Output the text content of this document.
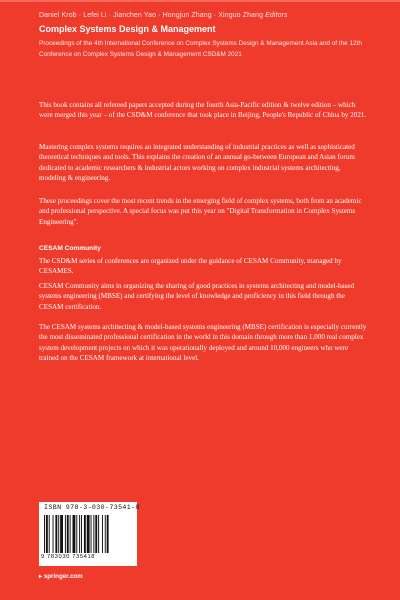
Daniel Krob · Lefei Li · Jianchen Yao · Hongjun Zhang · Xinguo Zhang Editors
Complex Systems Design & Management
Proceedings of the 4th International Conference on Complex Systems Design & Management Asia and of the 12th Conference on Complex Systems Design & Management CSD&M 2021
This book contains all refereed papers accepted during the fourth Asia-Pacific edition & twelve edition – which were merged this year – of the CSD&M conference that took place in Beijing, People's Republic of China by 2021.
Mastering complex systems requires an integrated understanding of industrial practices as well as sophisticated theoretical techniques and tools. This explains the creation of an annual go-between European and Asian forum dedicated to academic researchers & industrial actors working on complex industrial systems architecting, modeling & engineering.
These proceedings cover the most recent trends in the emerging field of complex systems, both from an academic and professional perspective. A special focus was put this year on "Digital Transformation in Complex Systems Engineering".
CESAM Community
The CSD&M series of conferences are organized under the guidance of CESAM Community, managed by CESAMES.
CESAM Community aims in organizing the sharing of good practices in systems architecting and model-based systems engineering (MBSE) and certifying the level of knowledge and proficiency in this field through the CESAM certification.
The CESAM systems architecting & model-based systems engineering (MBSE) certification is especially currently the most disseminated professional certification in the world in this domain through more than 1,000 real complex system development projects on which it was operationally deployed and around 10,000 engineers who were trained on the CESAM framework at international level.
ISBN 978-3-030-73541-8
9 783030 735418
▸ springer.com
